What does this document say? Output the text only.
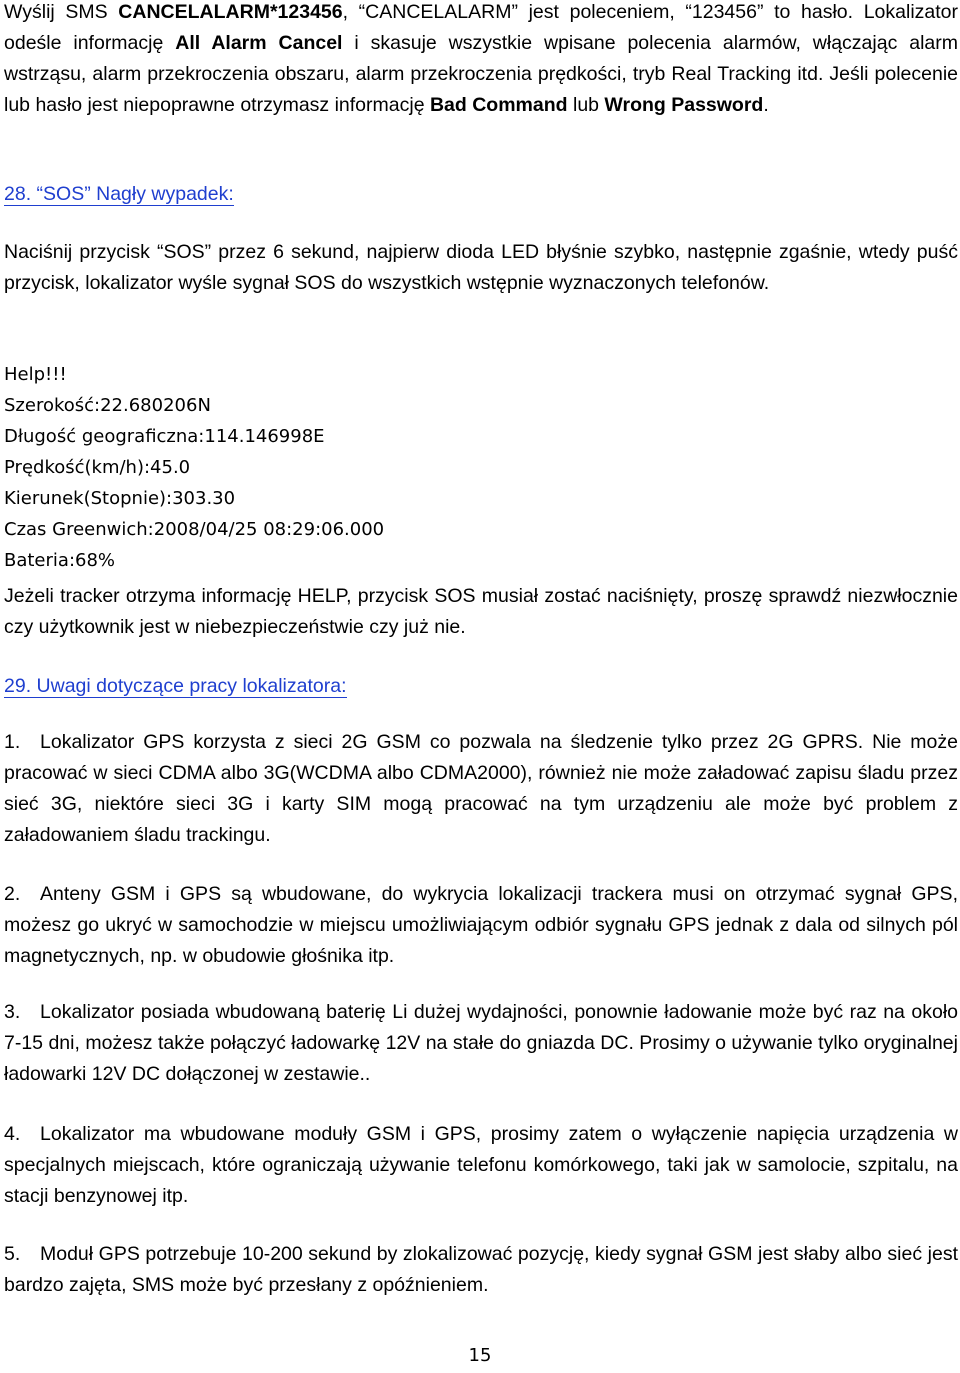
Wyślij SMS CANCELALARM*123456, “CANCELALARM” jest poleceniem, “123456” to hasło. Lokalizator odeśle informację All Alarm Cancel i skasuje wszystkie wpisane polecenia alarmów, włączając alarm wstrząsu, alarm przekroczenia obszaru, alarm przekroczenia prędkości, tryb Real Tracking itd. Jeśli polecenie lub hasło jest niepoprawne otrzymasz informację Bad Command lub Wrong Password.

28. “SOS” Nagły wypadek:

Naciśnij przycisk “SOS” przez 6 sekund, najpierw dioda LED błyśnie szybko, następnie zgaśnie, wtedy puść przycisk, lokalizator wyśle sygnał SOS do wszystkich wstępnie wyznaczonych telefonów.

Help!!!
Szerokość:22.680206N
Długość geograficzna:114.146998E
Prędkość(km/h):45.0
Kierunek(Stopnie):303.30
Czas Greenwich:2008/04/25 08:29:06.000
Bateria:68%

Jeżeli tracker otrzyma informację HELP, przycisk SOS musiał zostać naciśnięty, proszę sprawdź niezwłocznie czy użytkownik jest w niebezpieczeństwie czy już nie.

29. Uwagi dotyczące pracy lokalizatora:

1. Lokalizator GPS korzysta z sieci 2G GSM co pozwala na śledzenie tylko przez 2G GPRS. Nie może pracować w sieci CDMA albo 3G(WCDMA albo CDMA2000), również nie może załadować zapisu śladu przez sieć 3G, niektóre sieci 3G i karty SIM mogą pracować na tym urządzeniu ale może być problem z załadowaniem śladu trackingu.

2. Anteny GSM i GPS są wbudowane, do wykrycia lokalizacji trackera musi on otrzymać sygnał GPS, możesz go ukryć w samochodzie w miejscu umożliwiającym odbiór sygnału GPS jednak z dala od silnych pól magnetycznych, np. w obudowie głośnika itp.

3. Lokalizator posiada wbudowaną baterię Li dużej wydajności, ponownie ładowanie może być raz na około 7-15 dni, możesz także połączyć ładowarkę 12V na stałe do gniazda DC. Prosimy o używanie tylko oryginalnej ładowarki 12V DC dołączonej w zestawie..

4. Lokalizator ma wbudowane moduły GSM i GPS, prosimy zatem o wyłączenie napięcia urządzenia w specjalnych miejscach, które ograniczają używanie telefonu komórkowego, taki jak w samolocie, szpitalu, na stacji benzynowej itp.

5. Moduł GPS potrzebuje 10-200 sekund by zlokalizować pozycję, kiedy sygnał GSM jest słaby albo sieć jest bardzo zajęta, SMS może być przesłany z opóźnieniem.

15
